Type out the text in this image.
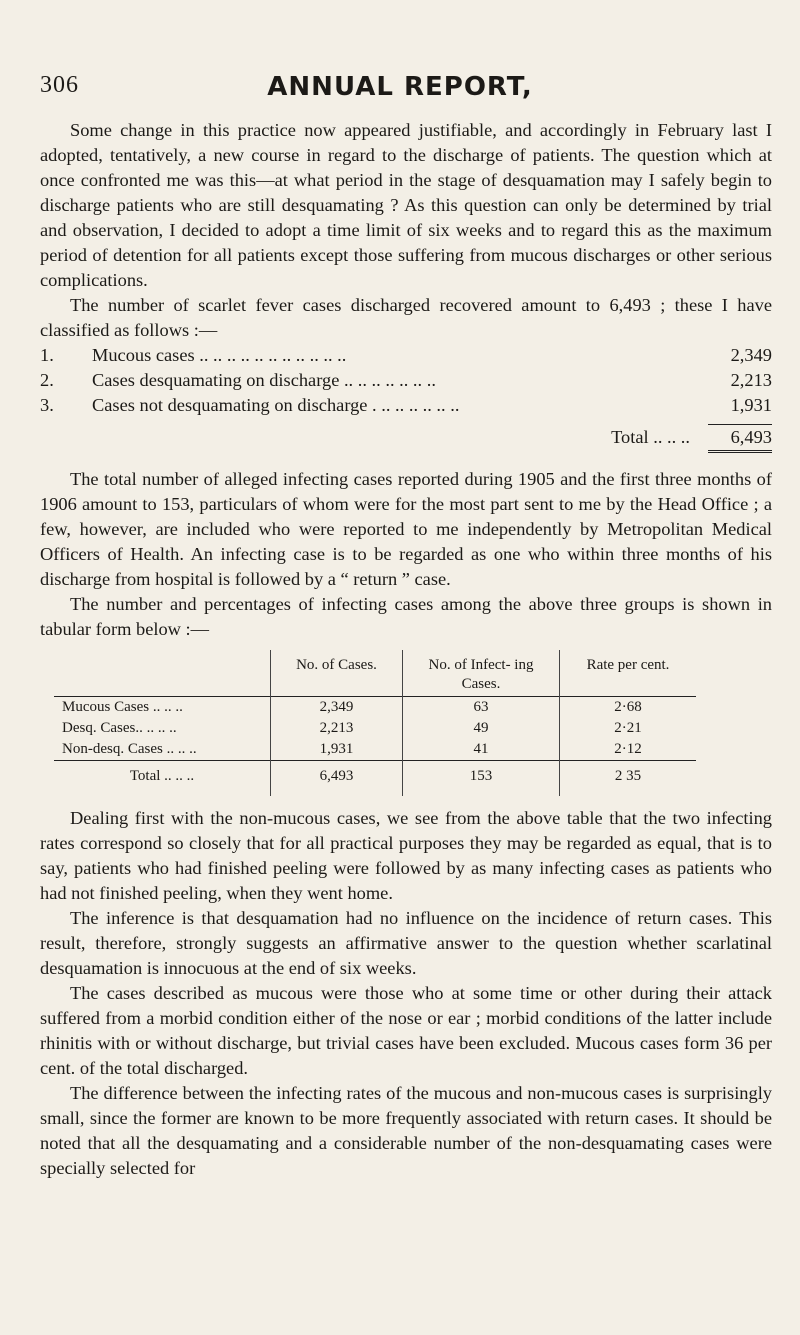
306	ANNUAL REPORT,

Some change in this practice now appeared justifiable, and accordingly in February last I adopted, tentatively, a new course in regard to the discharge of patients. The question which at once confronted me was this—at what period in the stage of desquamation may I safely begin to discharge patients who are still desquamating ? As this question can only be determined by trial and observation, I decided to adopt a time limit of six weeks and to regard this as the maximum period of detention for all patients except those suffering from mucous discharges or other serious complications.

The number of scarlet fever cases discharged recovered amount to 6,493 ; these I have classified as follows :—

1.	Mucous cases .. .. .. .. .. .. .. .. .. .. ..	2,349
2.	Cases desquamating on discharge .. .. .. .. .. .. ..	2,213
3.	Cases not desquamating on discharge . .. .. .. .. .. ..	1,931
Total .. .. ..	6,493

The total number of alleged infecting cases reported during 1905 and the first three months of 1906 amount to 153, particulars of whom were for the most part sent to me by the Head Office ; a few, however, are included who were reported to me independently by Metropolitan Medical Officers of Health. An infecting case is to be regarded as one who within three months of his discharge from hospital is followed by a “ return ” case.

The number and percentages of infecting cases among the above three groups is shown in tabular form below :—

	No. of Cases.	No. of Infect- ing Cases.	Rate per cent.
Mucous Cases .. .. ..	2,349	63	2·68
Desq. Cases.. .. .. ..	2,213	49	2·21
Non-desq. Cases .. .. ..	1,931	41	2·12
Total .. .. ..	6,493	153	2 35

Dealing first with the non-mucous cases, we see from the above table that the two infecting rates correspond so closely that for all practical purposes they may be regarded as equal, that is to say, patients who had finished peeling were followed by as many infecting cases as patients who had not finished peeling, when they went home.

The inference is that desquamation had no influence on the incidence of return cases. This result, therefore, strongly suggests an affirmative answer to the question whether scarlatinal desquamation is innocuous at the end of six weeks.

The cases described as mucous were those who at some time or other during their attack suffered from a morbid condition either of the nose or ear ; morbid conditions of the latter include rhinitis with or without discharge, but trivial cases have been excluded. Mucous cases form 36 per cent. of the total discharged.

The difference between the infecting rates of the mucous and non-mucous cases is surprisingly small, since the former are known to be more frequently associated with return cases. It should be noted that all the desquamating and a considerable number of the non-desquamating cases were specially selected for
